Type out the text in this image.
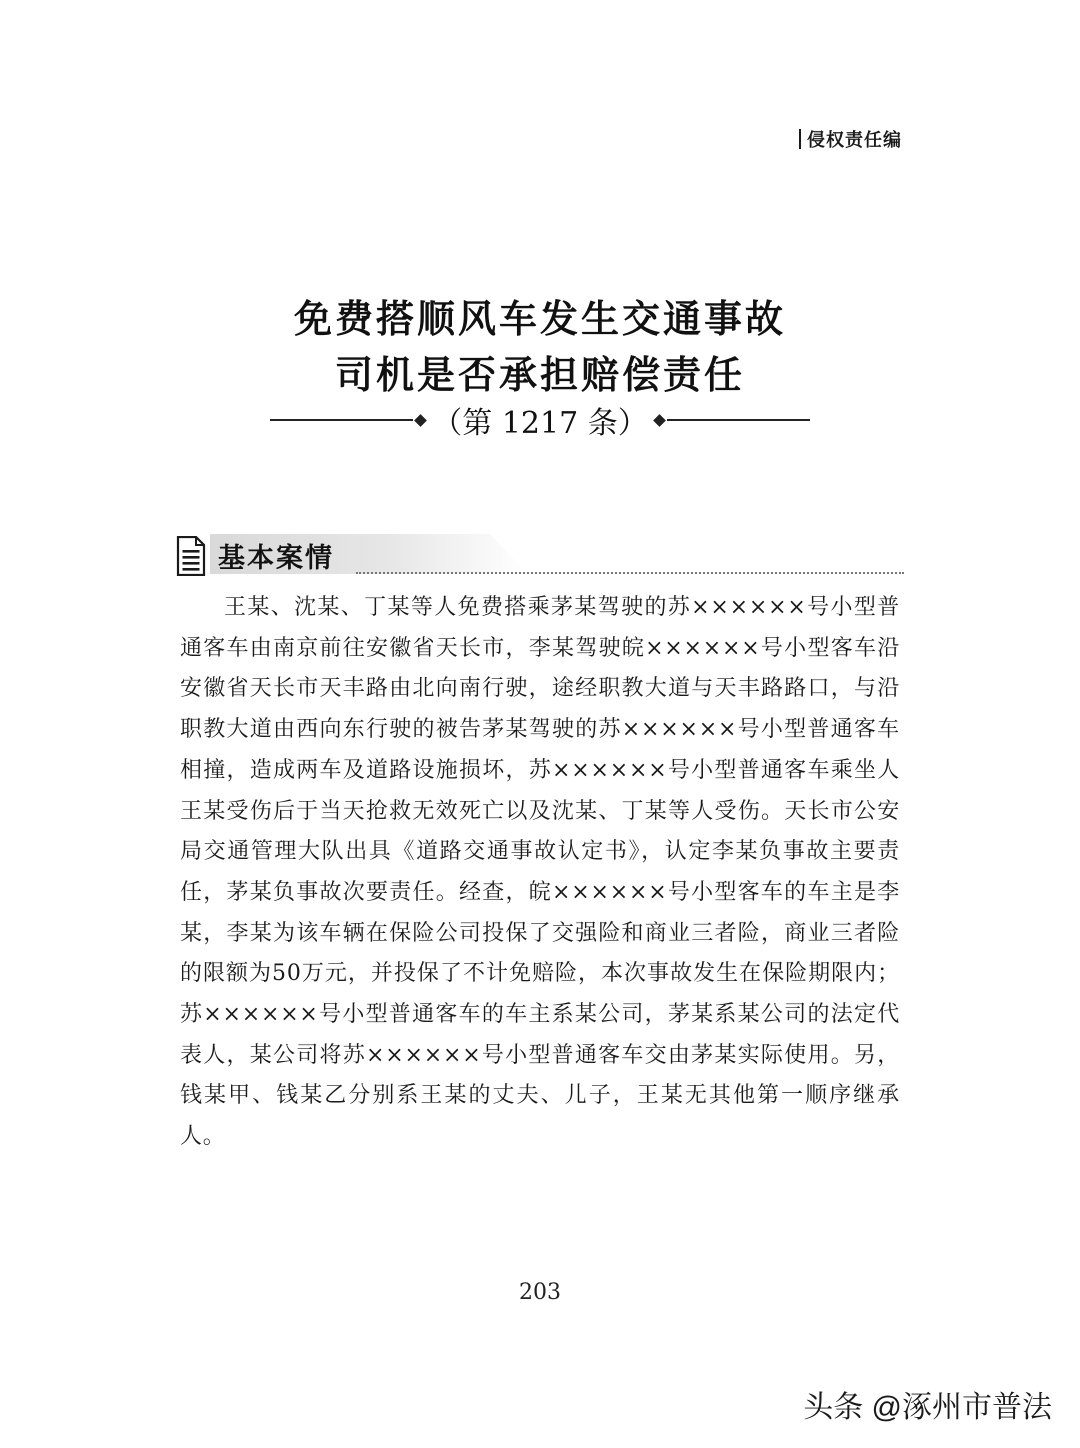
侵权责任编
免费搭顺风车发生交通事故
司机是否承担赔偿责任
（第 1217 条）
基本案情

王某、沈某、丁某等人免费搭乘茅某驾驶的苏××××××号小型普通客车由南京前往安徽省天长市，李某驾驶皖××××××号小型客车沿安徽省天长市天丰路由北向南行驶，途经职教大道与天丰路路口，与沿职教大道由西向东行驶的被告茅某驾驶的苏××××××号小型普通客车相撞，造成两车及道路设施损坏，苏××××××号小型普通客车乘坐人王某受伤后于当天抢救无效死亡以及沈某、丁某等人受伤。天长市公安局交通管理大队出具《道路交通事故认定书》，认定李某负事故主要责任，茅某负事故次要责任。经查，皖××××××号小型客车的车主是李某，李某为该车辆在保险公司投保了交强险和商业三者险，商业三者险的限额为50万元，并投保了不计免赔险，本次事故发生在保险期限内；苏××××××号小型普通客车的车主系某公司，茅某系某公司的法定代表人，某公司将苏××××××号小型普通客车交由茅某实际使用。另，钱某甲、钱某乙分别系王某的丈夫、儿子，王某无其他第一顺序继承人。

203
头条 @涿州市普法
